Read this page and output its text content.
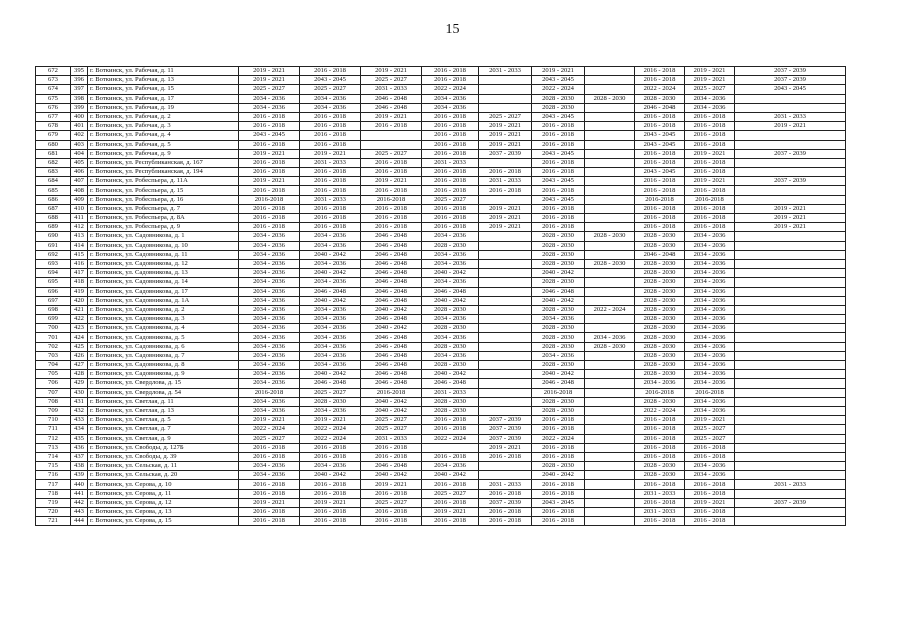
15
672	395	г. Воткинск, ул. Рабочая, д. 11	2019 - 2021	2016 - 2018	2019 - 2021	2016 - 2018	2031 - 2033	2019 - 2021		2016 - 2018	2019 - 2021	2037 - 2039
673	396	г. Воткинск, ул. Рабочая, д. 13	2019 - 2021	2043 - 2045	2025 - 2027	2016 - 2018		2043 - 2045		2016 - 2018	2019 - 2021	2037 - 2039
674	397	г. Воткинск, ул. Рабочая, д. 15	2025 - 2027	2025 - 2027	2031 - 2033	2022 - 2024		2022 - 2024		2022 - 2024	2025 - 2027	2043 - 2045
675	398	г. Воткинск, ул. Рабочая, д. 17	2034 - 2036	2034 - 2036	2046 - 2048	2034 - 2036		2028 - 2030	2028 - 2030	2028 - 2030	2034 - 2036	
676	399	г. Воткинск, ул. Рабочая, д. 19	2034 - 2036	2034 - 2036	2046 - 2048	2034 - 2036		2028 - 2030		2046 - 2048	2034 - 2036	
677	400	г. Воткинск, ул. Рабочая, д. 2	2016 - 2018	2016 - 2018	2019 - 2021	2016 - 2018	2025 - 2027	2043 - 2045		2016 - 2018	2016 - 2018	2031 - 2033
678	401	г. Воткинск, ул. Рабочая, д. 3	2016 - 2018	2016 - 2018	2016 - 2018	2016 - 2018	2019 - 2021	2016 - 2018		2016 - 2018	2016 - 2018	2019 - 2021
679	402	г. Воткинск, ул. Рабочая, д. 4	2043 - 2045	2016 - 2018		2016 - 2018	2019 - 2021	2016 - 2018		2043 - 2045	2016 - 2018	
680	403	г. Воткинск, ул. Рабочая, д. 5	2016 - 2018	2016 - 2018		2016 - 2018	2019 - 2021	2016 - 2018		2043 - 2045	2016 - 2018	
681	404	г. Воткинск, ул. Рабочая, д. 9	2019 - 2021	2019 - 2021	2025 - 2027	2016 - 2018	2037 - 2039	2043 - 2045		2016 - 2018	2019 - 2021	2037 - 2039
682	405	г. Воткинск, ул. Республиканская, д. 167	2016 - 2018	2031 - 2033	2016 - 2018	2031 - 2033		2016 - 2018		2016 - 2018	2016 - 2018	
683	406	г. Воткинск, ул. Республиканская, д. 194	2016 - 2018	2016 - 2018	2016 - 2018	2016 - 2018	2016 - 2018	2016 - 2018		2043 - 2045	2016 - 2018	
684	407	г. Воткинск, ул. Робеспьера, д. 11А	2019 - 2021	2016 - 2018	2019 - 2021	2016 - 2018	2031 - 2033	2043 - 2045		2016 - 2018	2019 - 2021	2037 - 2039
685	408	г. Воткинск, ул. Робеспьера, д. 15	2016 - 2018	2016 - 2018	2016 - 2018	2016 - 2018	2016 - 2018	2016 - 2018		2016 - 2018	2016 - 2018	
686	409	г. Воткинск, ул. Робеспьера, д. 16	2016-2018	2031 - 2033	2016-2018	2025 - 2027		2043 - 2045		2016-2018	2016-2018	
687	410	г. Воткинск, ул. Робеспьера, д. 7	2016 - 2018	2016 - 2018	2016 - 2018	2016 - 2018	2019 - 2021	2016 - 2018		2016 - 2018	2016 - 2018	2019 - 2021
688	411	г. Воткинск, ул. Робеспьера, д. 8А	2016 - 2018	2016 - 2018	2016 - 2018	2016 - 2018	2019 - 2021	2016 - 2018		2016 - 2018	2016 - 2018	2019 - 2021
689	412	г. Воткинск, ул. Робеспьера, д. 9	2016 - 2018	2016 - 2018	2016 - 2018	2016 - 2018	2019 - 2021	2016 - 2018		2016 - 2018	2016 - 2018	2019 - 2021
690	413	г. Воткинск, ул. Садовникова, д. 1	2034 - 2036	2034 - 2036	2046 - 2048	2034 - 2036		2028 - 2030	2028 - 2030	2028 - 2030	2034 - 2036	
691	414	г. Воткинск, ул. Садовникова, д. 10	2034 - 2036	2034 - 2036	2046 - 2048	2028 - 2030		2028 - 2030		2028 - 2030	2034 - 2036	
692	415	г. Воткинск, ул. Садовникова, д. 11	2034 - 2036	2040 - 2042	2046 - 2048	2034 - 2036		2028 - 2030		2046 - 2048	2034 - 2036	
693	416	г. Воткинск, ул. Садовникова, д. 12	2034 - 2036	2034 - 2036	2046 - 2048	2034 - 2036		2028 - 2030	2028 - 2030	2028 - 2030	2034 - 2036	
694	417	г. Воткинск, ул. Садовникова, д. 13	2034 - 2036	2040 - 2042	2046 - 2048	2040 - 2042		2040 - 2042		2028 - 2030	2034 - 2036	
695	418	г. Воткинск, ул. Садовникова, д. 14	2034 - 2036	2034 - 2036	2046 - 2048	2034 - 2036		2028 - 2030		2028 - 2030	2034 - 2036	
696	419	г. Воткинск, ул. Садовникова, д. 17	2034 - 2036	2046 - 2048	2046 - 2048	2046 - 2048		2046 - 2048		2028 - 2030	2034 - 2036	
697	420	г. Воткинск, ул. Садовникова, д. 1А	2034 - 2036	2040 - 2042	2046 - 2048	2040 - 2042		2040 - 2042		2028 - 2030	2034 - 2036	
698	421	г. Воткинск, ул. Садовникова, д. 2	2034 - 2036	2034 - 2036	2040 - 2042	2028 - 2030		2028 - 2030	2022 - 2024	2028 - 2030	2034 - 2036	
699	422	г. Воткинск, ул. Садовникова, д. 3	2034 - 2036	2034 - 2036	2046 - 2048	2034 - 2036		2034 - 2036		2028 - 2030	2034 - 2036	
700	423	г. Воткинск, ул. Садовникова, д. 4	2034 - 2036	2034 - 2036	2040 - 2042	2028 - 2030		2028 - 2030		2028 - 2030	2034 - 2036	
701	424	г. Воткинск, ул. Садовникова, д. 5	2034 - 2036	2034 - 2036	2046 - 2048	2034 - 2036		2028 - 2030	2034 - 2036	2028 - 2030	2034 - 2036	
702	425	г. Воткинск, ул. Садовникова, д. 6	2034 - 2036	2034 - 2036	2046 - 2048	2028 - 2030		2028 - 2030	2028 - 2030	2028 - 2030	2034 - 2036	
703	426	г. Воткинск, ул. Садовникова, д. 7	2034 - 2036	2034 - 2036	2046 - 2048	2034 - 2036		2034 - 2036		2028 - 2030	2034 - 2036	
704	427	г. Воткинск, ул. Садовникова, д. 8	2034 - 2036	2034 - 2036	2046 - 2048	2028 - 2030		2028 - 2030		2028 - 2030	2034 - 2036	
705	428	г. Воткинск, ул. Садовникова, д. 9	2034 - 2036	2040 - 2042	2046 - 2048	2040 - 2042		2040 - 2042		2028 - 2030	2034 - 2036	
706	429	г. Воткинск, ул. Свердлова, д. 15	2034 - 2036	2046 - 2048	2046 - 2048	2046 - 2048		2046 - 2048		2034 - 2036	2034 - 2036	
707	430	г. Воткинск, ул. Свердлова, д. 54	2016-2018	2025 - 2027	2016-2018	2031 - 2033		2016-2018		2016-2018	2016-2018	
708	431	г. Воткинск, ул. Светлая, д. 11	2034 - 2036	2028 - 2030	2040 - 2042	2028 - 2030		2028 - 2030		2028 - 2030	2034 - 2036	
709	432	г. Воткинск, ул. Светлая, д. 13	2034 - 2036	2034 - 2036	2040 - 2042	2028 - 2030		2028 - 2030		2022 - 2024	2034 - 2036	
710	433	г. Воткинск, ул. Светлая, д. 5	2019 - 2021	2019 - 2021	2025 - 2027	2016 - 2018	2037 - 2039	2016 - 2018		2016 - 2018	2019 - 2021	
711	434	г. Воткинск, ул. Светлая, д. 7	2022 - 2024	2022 - 2024	2025 - 2027	2016 - 2018	2037 - 2039	2016 - 2018		2016 - 2018	2025 - 2027	
712	435	г. Воткинск, ул. Светлая, д. 9	2025 - 2027	2022 - 2024	2031 - 2033	2022 - 2024	2037 - 2039	2022 - 2024		2016 - 2018	2025 - 2027	
713	436	г. Воткинск, ул. Свободы, д. 127Б	2016 - 2018	2016 - 2018	2016 - 2018		2019 - 2021	2016 - 2018		2016 - 2018	2016 - 2018	
714	437	г. Воткинск, ул. Свободы, д. 39	2016 - 2018	2016 - 2018	2016 - 2018	2016 - 2018	2016 - 2018	2016 - 2018		2016 - 2018	2016 - 2018	
715	438	г. Воткинск, ул. Сельская, д. 11	2034 - 2036	2034 - 2036	2046 - 2048	2034 - 2036		2028 - 2030		2028 - 2030	2034 - 2036	
716	439	г. Воткинск, ул. Сельская, д. 20	2034 - 2036	2040 - 2042	2040 - 2042	2040 - 2042		2040 - 2042		2028 - 2030	2034 - 2036	
717	440	г. Воткинск, ул. Серова, д. 10	2016 - 2018	2016 - 2018	2019 - 2021	2016 - 2018	2031 - 2033	2016 - 2018		2016 - 2018	2016 - 2018	2031 - 2033
718	441	г. Воткинск, ул. Серова, д. 11	2016 - 2018	2016 - 2018	2016 - 2018	2025 - 2027	2016 - 2018	2016 - 2018		2031 - 2033	2016 - 2018	
719	442	г. Воткинск, ул. Серова, д. 12	2019 - 2021	2019 - 2021	2025 - 2027	2016 - 2018	2037 - 2039	2043 - 2045		2016 - 2018	2019 - 2021	2037 - 2039
720	443	г. Воткинск, ул. Серова, д. 13	2016 - 2018	2016 - 2018	2016 - 2018	2019 - 2021	2016 - 2018	2016 - 2018		2031 - 2033	2016 - 2018	
721	444	г. Воткинск, ул. Серова, д. 15	2016 - 2018	2016 - 2018	2016 - 2018	2016 - 2018	2016 - 2018	2016 - 2018		2016 - 2018	2016 - 2018	
